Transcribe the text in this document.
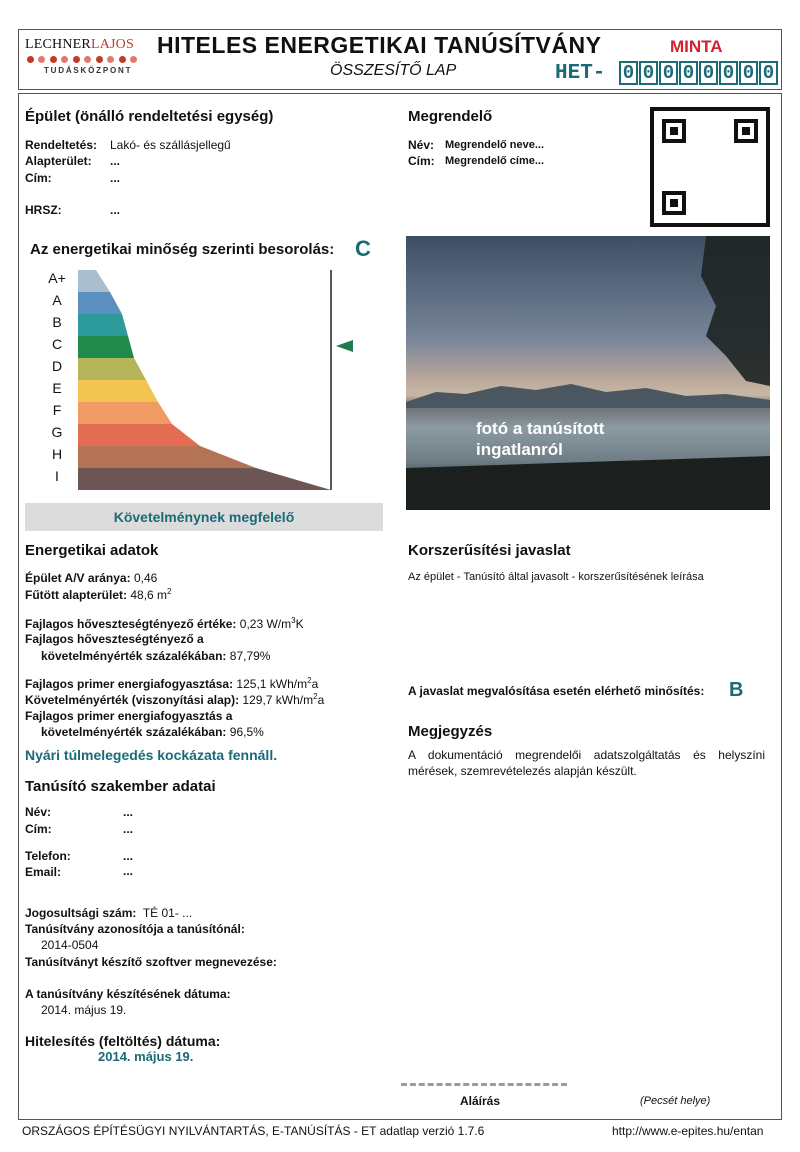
LECHNERLAJOS
TUDÁSKÖZPONT
HITELES ENERGETIKAI TANÚSÍTVÁNY	MINTA
ÖSSZESÍTŐ LAP	HET- 0 0 0 0 0 0 0 0
Épület (önálló rendeltetési egység)
Rendeltetés: Lakó- és szállásjellegű
Alapterület: ...
Cím:	...
HRSZ:	...
Megrendelő
Név: Megrendelő neve...
Cím: Megrendelő címe...
Az energetikai minőség szerinti besorolás: C
A+
A
B
C
D
E
F
G
H
I
Követelménynek megfelelő
fotó a tanúsított
ingatlanról
Energetikai adatok
Épület A/V aránya: 0,46
Fűtött alapterület: 48,6 $m^2$
Fajlagos hőveszteségtényező értéke: 0,23 $W/m^3K$
Fajlagos hőveszteségtényező a
követelményérték százalékában: 87,79%
Fajlagos primer energiafogyasztása: 125,1 kWh/$m^2a$
Követelményérték (viszonyítási alap): 129,7 kWh/$m^2a$
Fajlagos primer energiafogyasztás a
követelményérték százalékában: 96,5%
Nyári túlmelegedés kockázata fennáll.
Korszerűsítési javaslat
Az épület - Tanúsító által javasolt - korszerűsítésének leírása
A javaslat megvalósítása esetén elérhető minősítés: B
Megjegyzés
A dokumentáció megrendelői adatszolgáltatás és helyszíni mérések, szemrevételezés alapján készült.
Tanúsító szakember adatai
Név:	...
Cím:	...
Telefon:	...
Email:	...
Jogosultsági szám: TÉ 01- ...
Tanúsítvány azonosítója a tanúsítónál:
2014-0504
Tanúsítványt készítő szoftver megnevezése:
A tanúsítvány készítésének dátuma:
2014. május 19.
Hitelesítés (feltöltés) dátuma:
2014. május 19.
Aláírás	(Pecsét helye)
ORSZÁGOS ÉPÍTÉSÜGYI NYILVÁNTARTÁS, E-TANÚSÍTÁS - ET adatlap verzió 1.7.6	http://www.e-epites.hu/entan
